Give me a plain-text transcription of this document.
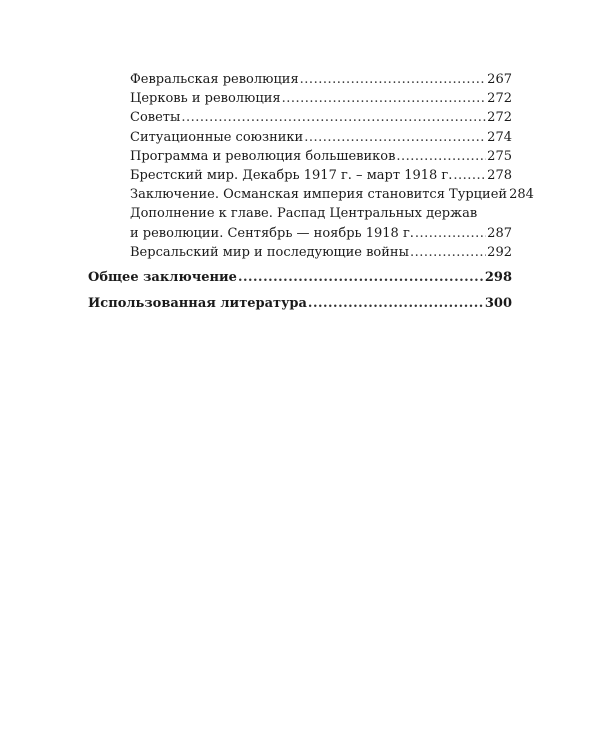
Февральская революция .....	267
Церковь и революция .....	272
Советы .....	272
Ситуационные союзники .....	274
Программа и революция большевиков .....	275
Брестский мир. Декабрь 1917 г. – март 1918 г. .....	278
Заключение. Османская империя становится Турцией 284
Дополнение к главе. Распад Центральных держав
и революции. Сентябрь — ноябрь 1918 г. .....	287
Версальский мир и последующие войны .....	292
Общее заключение .....	298
Использованная литература .....	300
